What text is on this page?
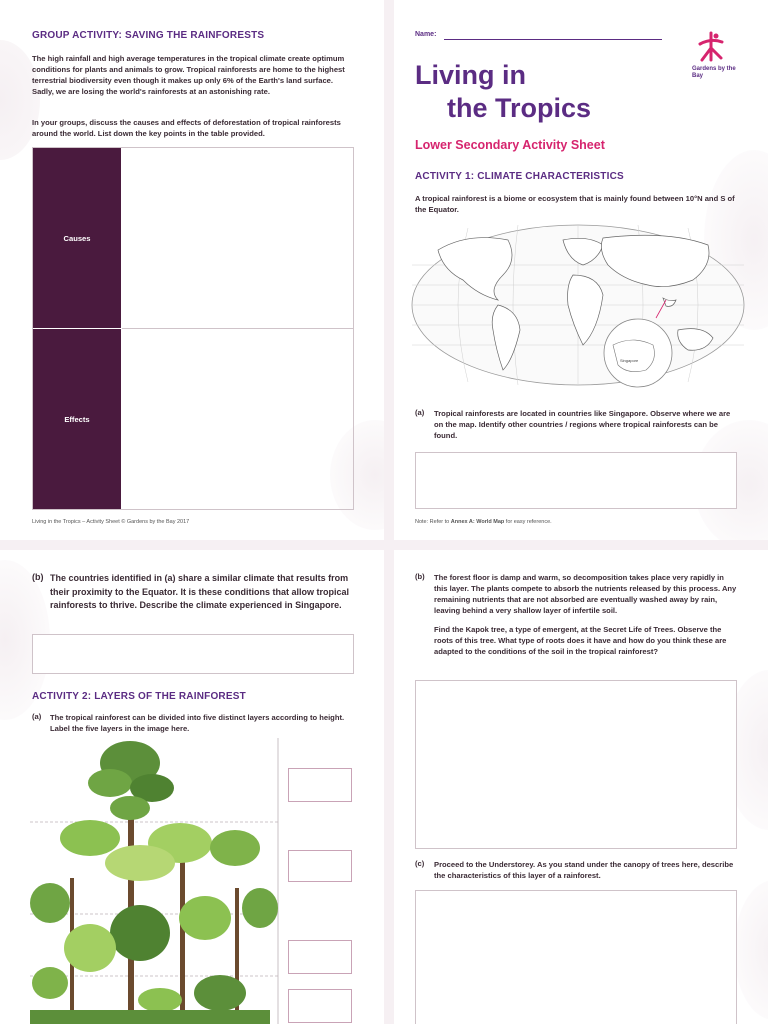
GROUP ACTIVITY: SAVING THE RAINFORESTS

The high rainfall and high average temperatures in the tropical climate create optimum conditions for plants and animals to grow. Tropical rainforests are home to the highest terrestrial biodiversity even though it makes up only 6% of the Earth's land surface. Sadly, we are losing the world's rainforests at an astonishing rate.

In your groups, discuss the causes and effects of deforestation of tropical rainforests around the world. List down the key points in the table provided.

Causes
Effects
Living in the Tropics – Activity Sheet © Gardens by the Bay 2017
Name:
Gardens by the Bay
Living in
the Tropics
Lower Secondary Activity Sheet
ACTIVITY 1: CLIMATE CHARACTERISTICS

A tropical rainforest is a biome or ecosystem that is mainly found between 10°N and S of the Equator.

Singapore
(a) Tropical rainforests are located in countries like Singapore. Observe where we are on the map. Identify other countries / regions where tropical rainforests can be found.

Note: Refer to Annex A: World Map for easy reference.
(b) The countries identified in (a) share a similar climate that results from their proximity to the Equator. It is these conditions that allow tropical rainforests to thrive. Describe the climate experienced in Singapore.

ACTIVITY 2: LAYERS OF THE RAINFOREST
(a) The tropical rainforest can be divided into five distinct layers according to height. Label the five layers in the image here.

(b) The forest floor is damp and warm, so decomposition takes place very rapidly in this layer. The plants compete to absorb the nutrients released by this process. Any remaining nutrients that are not absorbed are eventually washed away by rain, leaving behind a very shallow layer of infertile soil.

Find the Kapok tree, a type of emergent, at the Secret Life of Trees. Observe the roots of this tree. What type of roots does it have and how do you think these are adapted to the conditions of the soil in the tropical rainforest?

(c) Proceed to the Understorey. As you stand under the canopy of trees here, describe the characteristics of this layer of a rainforest.
